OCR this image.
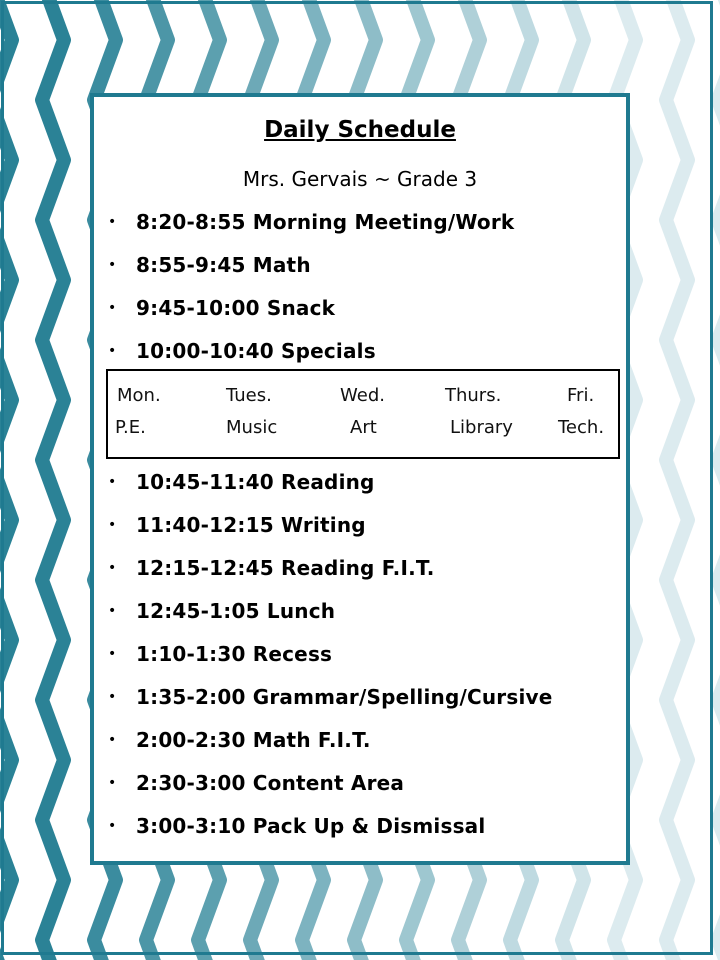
Daily Schedule
Mrs. Gervais ~ Grade 3
• 8:20-8:55 Morning Meeting/Work
• 8:55-9:45 Math
• 9:45-10:00 Snack
• 10:00-10:40 Specials
Mon.	Tues.	Wed.	Thurs.	Fri.
P.E.	Music	Art	Library	Tech.
• 10:45-11:40 Reading
• 11:40-12:15 Writing
• 12:15-12:45 Reading F.I.T.
• 12:45-1:05 Lunch
• 1:10-1:30 Recess
• 1:35-2:00 Grammar/Spelling/Cursive
• 2:00-2:30 Math F.I.T.
• 2:30-3:00 Content Area
• 3:00-3:10 Pack Up & Dismissal
